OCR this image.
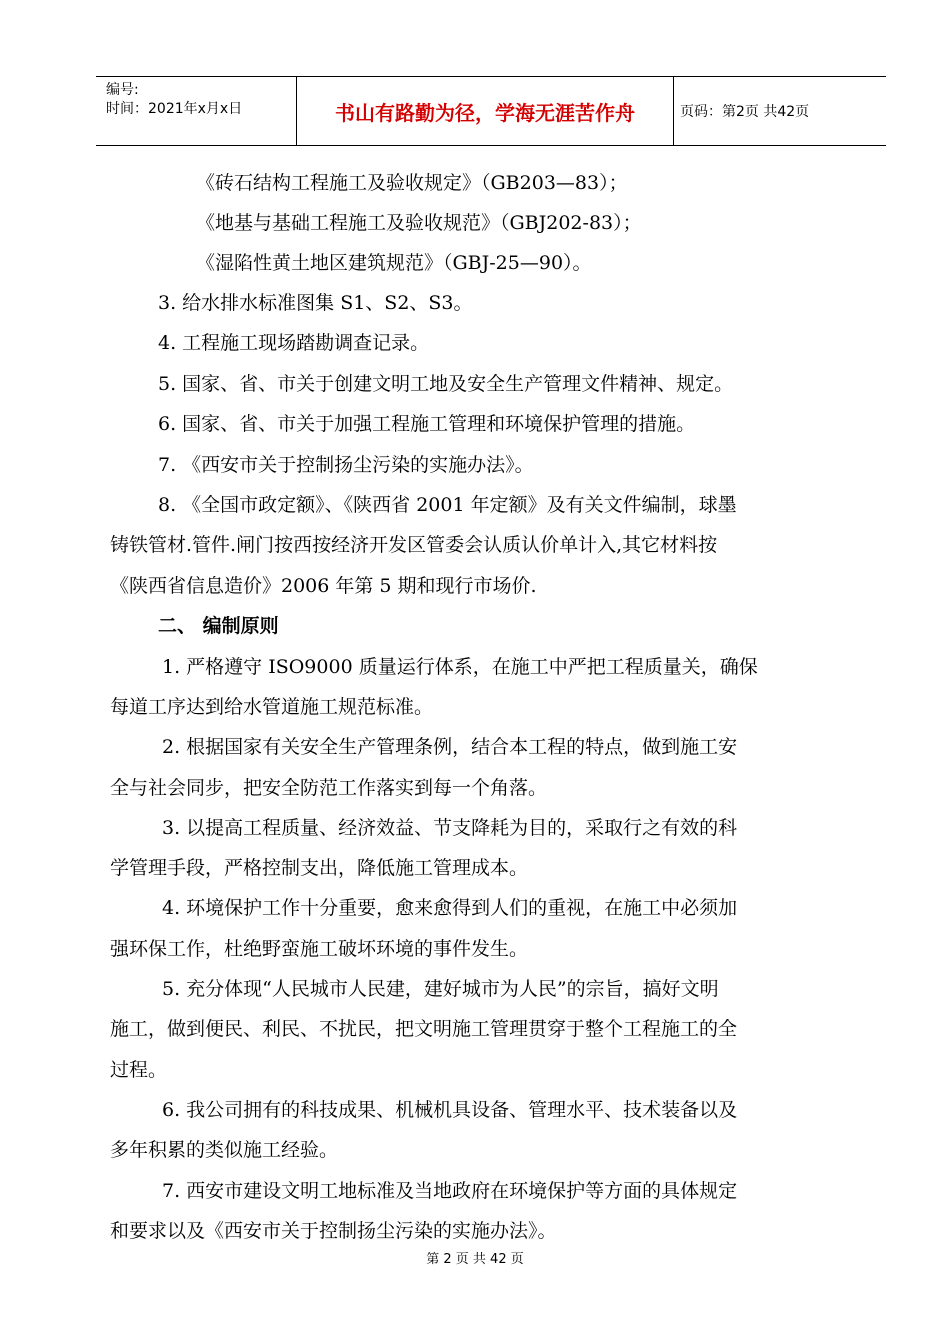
编号:
时间：2021年x月x日	书山有路勤为径，学海无涯苦作舟	页码：第2页 共42页
《砖石结构工程施工及验收规定》（GB203—83）；
《地基与基础工程施工及验收规范》（GBJ202-83）；
《湿陷性黄土地区建筑规范》（GBJ-25—90）。
3. 给水排水标准图集 S1、S2、S3。
4. 工程施工现场踏勘调查记录。
5. 国家、省、市关于创建文明工地及安全生产管理文件精神、规定。
6. 国家、省、市关于加强工程施工管理和环境保护管理的措施。
7. 《西安市关于控制扬尘污染的实施办法》。
8. 《全国市政定额》、《陕西省 2001 年定额》及有关文件编制，球墨
铸铁管材.管件.闸门按西按经济开发区管委会认质认价单计入,其它材料按
《陕西省信息造价》2006 年第 5 期和现行市场价.
二、 编制原则
1. 严格遵守 ISO9000 质量运行体系，在施工中严把工程质量关，确保
每道工序达到给水管道施工规范标准。
2. 根据国家有关安全生产管理条例，结合本工程的特点，做到施工安
全与社会同步，把安全防范工作落实到每一个角落。
3. 以提高工程质量、经济效益、节支降耗为目的，采取行之有效的科
学管理手段，严格控制支出，降低施工管理成本。
4. 环境保护工作十分重要，愈来愈得到人们的重视，在施工中必须加
强环保工作，杜绝野蛮施工破坏环境的事件发生。
5. 充分体现“人民城市人民建，建好城市为人民”的宗旨，搞好文明
施工，做到便民、利民、不扰民，把文明施工管理贯穿于整个工程施工的全
过程。
6. 我公司拥有的科技成果、机械机具设备、管理水平、技术装备以及
多年积累的类似施工经验。
7. 西安市建设文明工地标准及当地政府在环境保护等方面的具体规定
和要求以及《西安市关于控制扬尘污染的实施办法》。
第 2 页 共 42 页
